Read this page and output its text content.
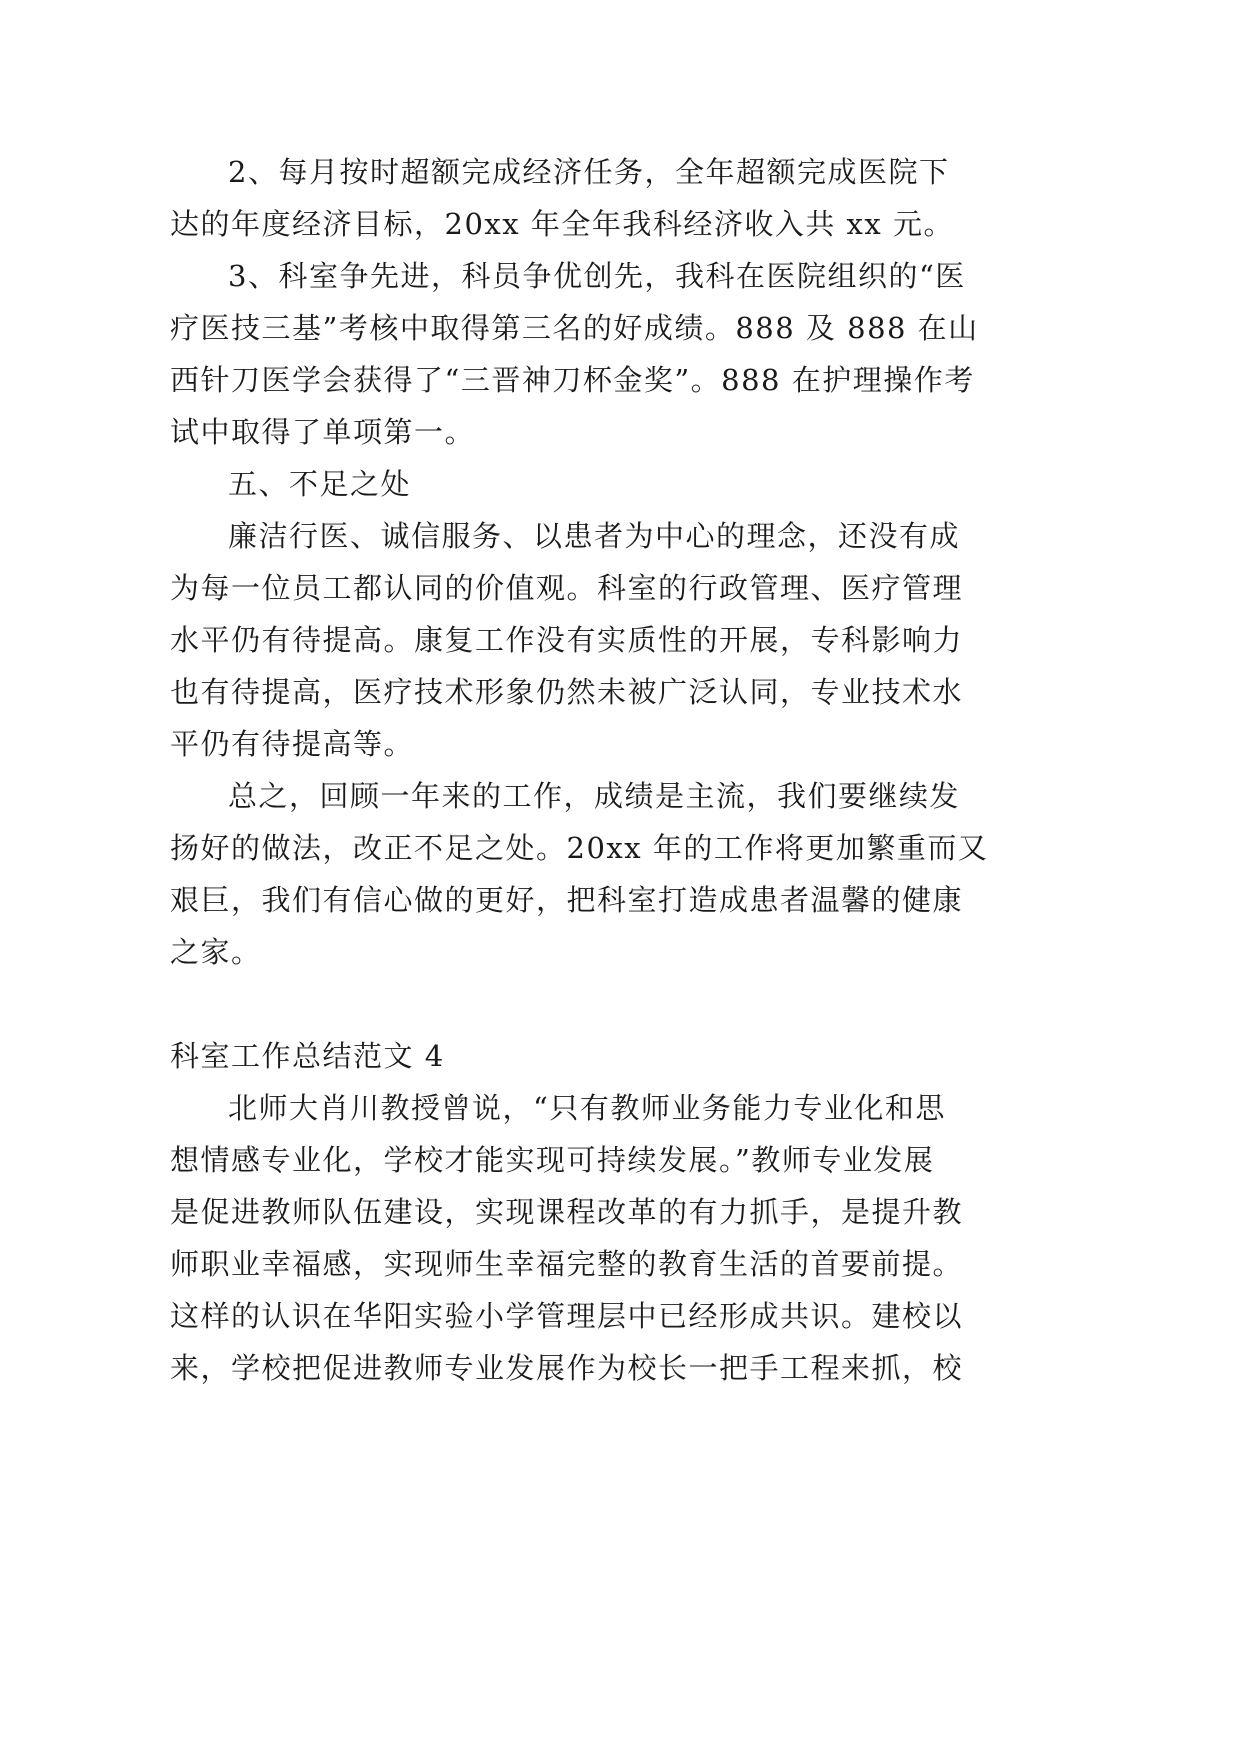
2、每月按时超额完成经济任务，全年超额完成医院下
达的年度经济目标，20xx 年全年我科经济收入共 xx 元。
3、科室争先进，科员争优创先，我科在医院组织的“医
疗医技三基”考核中取得第三名的好成绩。888 及 888 在山
西针刀医学会获得了“三晋神刀杯金奖”。888 在护理操作考
试中取得了单项第一。
五、不足之处
廉洁行医、诚信服务、以患者为中心的理念，还没有成
为每一位员工都认同的价值观。科室的行政管理、医疗管理
水平仍有待提高。康复工作没有实质性的开展，专科影响力
也有待提高，医疗技术形象仍然未被广泛认同，专业技术水
平仍有待提高等。
总之，回顾一年来的工作，成绩是主流，我们要继续发
扬好的做法，改正不足之处。20xx 年的工作将更加繁重而又
艰巨，我们有信心做的更好，把科室打造成患者温馨的健康
之家。
科室工作总结范文 4
北师大肖川教授曾说，“只有教师业务能力专业化和思
想情感专业化，学校才能实现可持续发展。”教师专业发展
是促进教师队伍建设，实现课程改革的有力抓手，是提升教
师职业幸福感，实现师生幸福完整的教育生活的首要前提。
这样的认识在华阳实验小学管理层中已经形成共识。建校以
来，学校把促进教师专业发展作为校长一把手工程来抓，校
